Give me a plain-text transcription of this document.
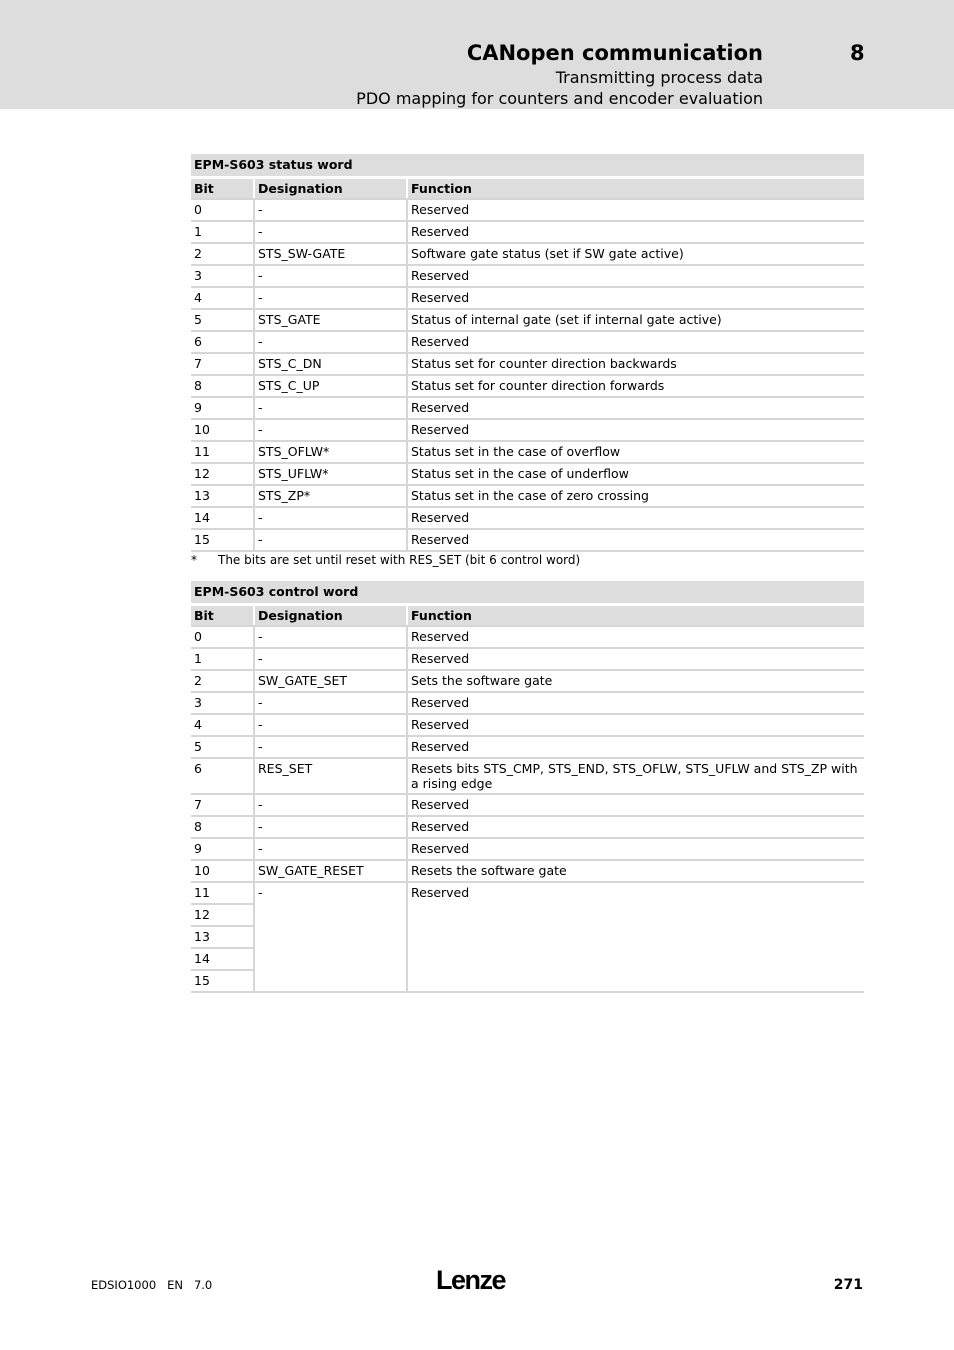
CANopen communication	8
Transmitting process data
PDO mapping for counters and encoder evaluation
EPM-S603 status word		
Bit	Designation	Function
0	-	Reserved
1	-	Reserved
2	STS_SW-GATE	Software gate status (set if SW gate active)
3	-	Reserved
4	-	Reserved
5	STS_GATE	Status of internal gate (set if internal gate active)
6	-	Reserved
7	STS_C_DN	Status set for counter direction backwards
8	STS_C_UP	Status set for counter direction forwards
9	-	Reserved
10	-	Reserved
11	STS_OFLW*	Status set in the case of overflow
12	STS_UFLW*	Status set in the case of underflow
13	STS_ZP*	Status set in the case of zero crossing
14	-	Reserved
15	-	Reserved
* The bits are set until reset with RES_SET (bit 6 control word)
EPM-S603 control word		
Bit	Designation	Function
0	-	Reserved
1	-	Reserved
2	SW_GATE_SET	Sets the software gate
3	-	Reserved
4	-	Reserved
5	-	Reserved
6	RES_SET	Resets bits STS_CMP, STS_END, STS_OFLW, STS_UFLW and STS_ZP with a rising edge
7	-	Reserved
8	-	Reserved
9	-	Reserved
10	SW_GATE_RESET	Resets the software gate
11	-	Reserved
12		
13		
14		
15		
EDSIO1000 EN 7.0	Lenze	271
